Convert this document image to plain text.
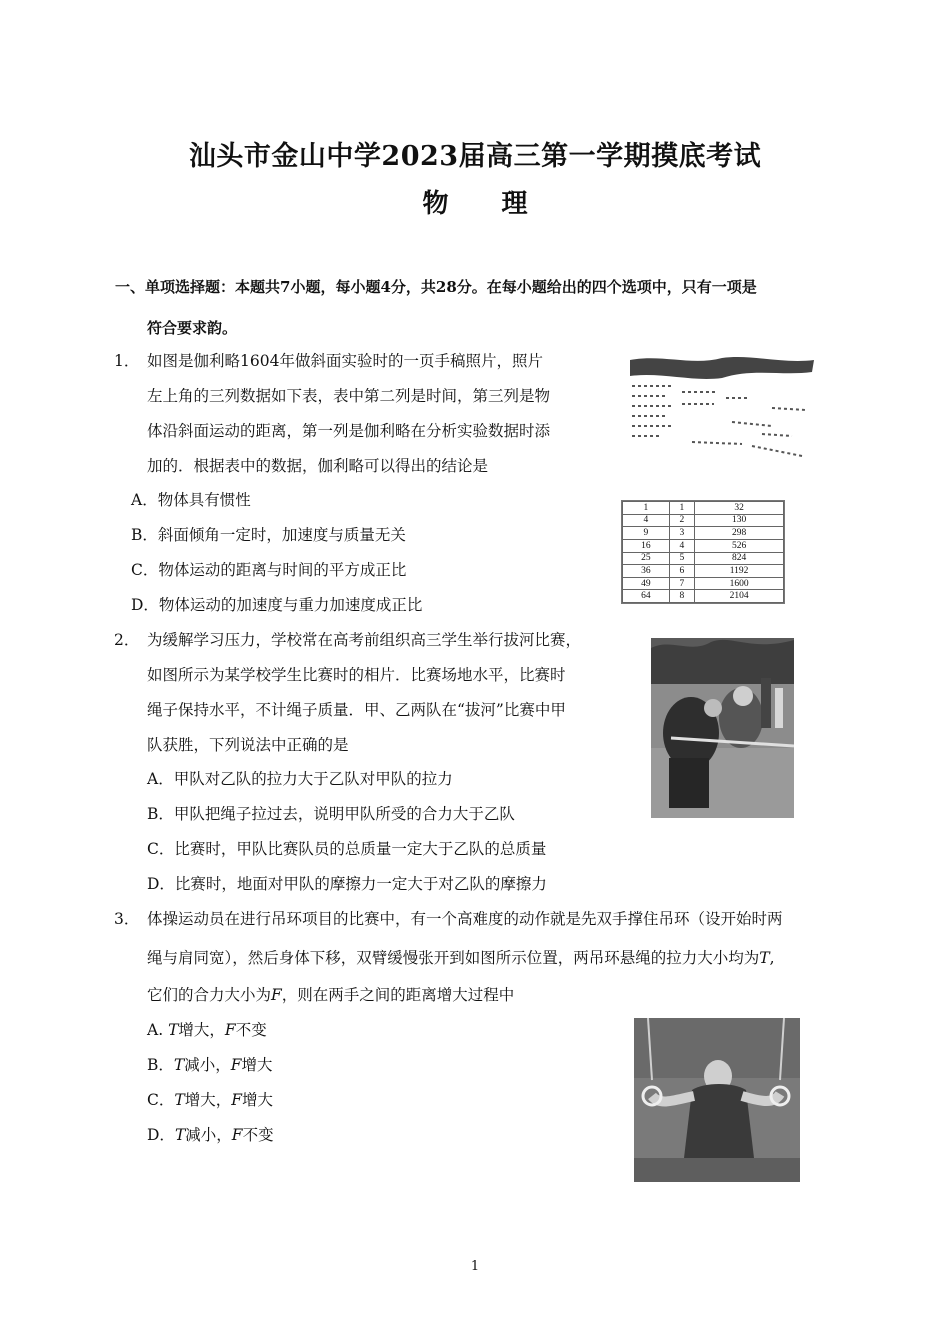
汕头市金山中学2023届高三第一学期摸底考试
物 理
一、单项选择题：本题共7小题，每小题4分，共28分。在每小题给出的四个选项中，只有一项是
符合要求韵。
1． 如图是伽利略1604年做斜面实验时的一页手稿照片，照片
左上角的三列数据如下表，表中第二列是时间，第三列是物
体沿斜面运动的距离，第一列是伽利略在分析实验数据时添
加的．根据表中的数据，伽利略可以得出的结论是
A．物体具有惯性
B．斜面倾角一定时，加速度与质量无关
C．物体运动的距离与时间的平方成正比
D．物体运动的加速度与重力加速度成正比
1	1	32
4	2	130
9	3	298
16	4	526
25	5	824
36	6	1192
49	7	1600
64	8	2104
2． 为缓解学习压力，学校常在高考前组织高三学生举行拔河比赛，
如图所示为某学校学生比赛时的相片．比赛场地水平，比赛时
绳子保持水平，不计绳子质量．甲、乙两队在“拔河”比赛中甲
队获胜，下列说法中正确的是
A．甲队对乙队的拉力大于乙队对甲队的拉力
B．甲队把绳子拉过去，说明甲队所受的合力大于乙队
C．比赛时，甲队比赛队员的总质量一定大于乙队的总质量
D．比赛时，地面对甲队的摩擦力一定大于对乙队的摩擦力
3． 体操运动员在进行吊环项目的比赛中，有一个高难度的动作就是先双手撑住吊环（设开始时两
绳与肩同宽），然后身体下移，双臂缓慢张开到如图所示位置，两吊环悬绳的拉力大小均为T,
它们的合力大小为F，则在两手之间的距离增大过程中
A. T增大，F不变
B．T减小，F增大
C．T增大，F增大
D．T减小，F不变
1
